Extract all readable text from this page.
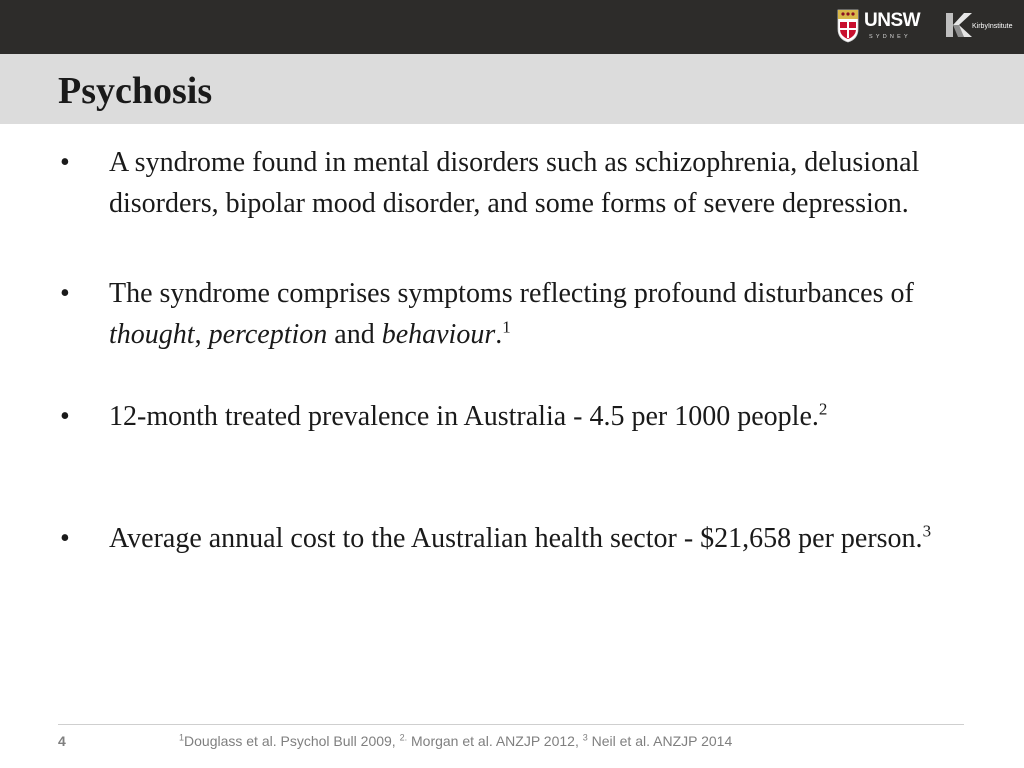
UNSW
SYDNEY
KirbyInstitute
Psychosis
•	A syndrome found in mental disorders such as schizophrenia, delusional disorders, bipolar mood disorder, and some forms of severe depression.
•	The syndrome comprises symptoms reflecting profound disturbances of thought, perception and behaviour.$^1$
•	12-month treated prevalence in Australia - 4.5 per 1000 people.$^2$
•	Average annual cost to the Australian health sector - $21,658 per person.$^3$
4	$^1$Douglass et al. Psychol Bull 2009, $^{2.}$ Morgan et al. ANZJP 2012, $^3$ Neil et al. ANZJP 2014
